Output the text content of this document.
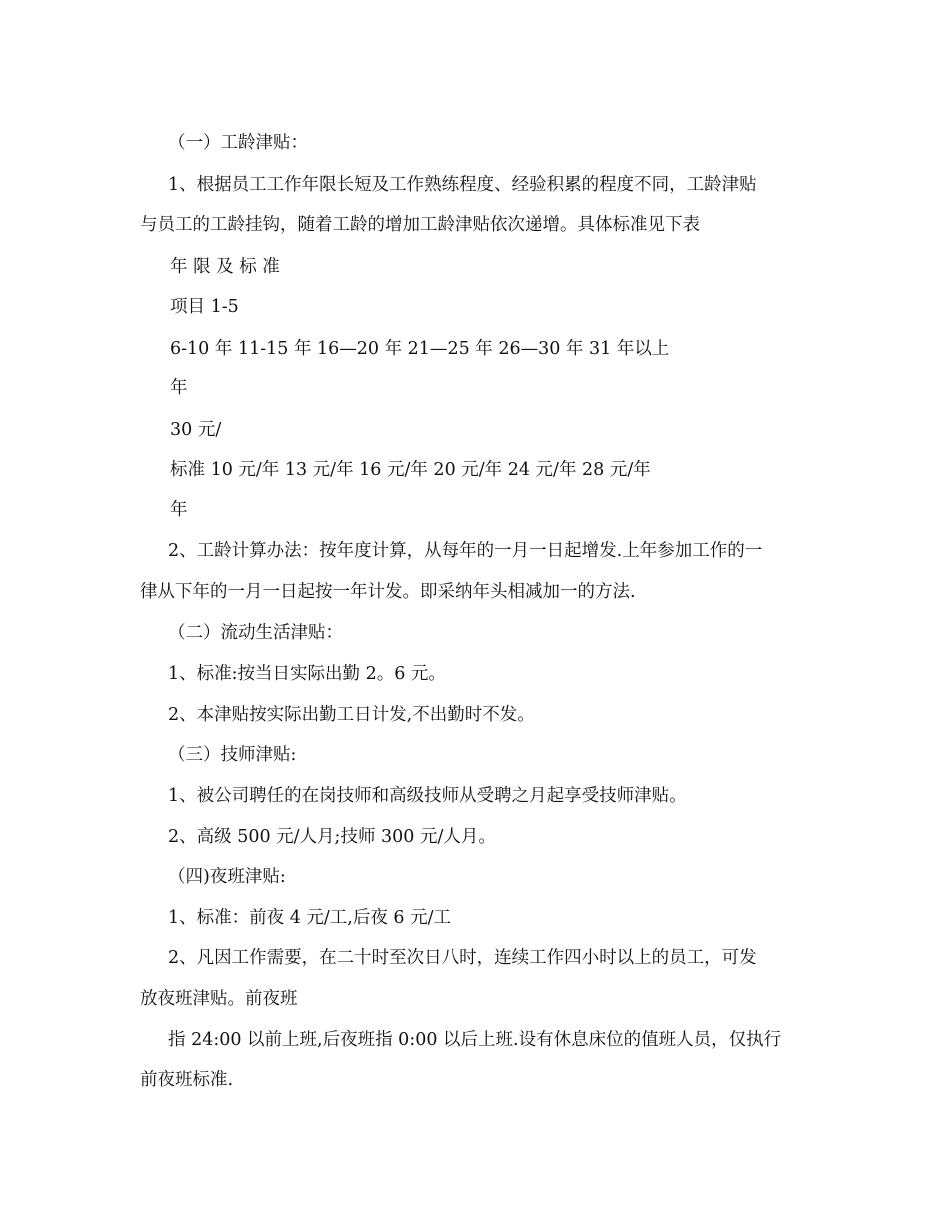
（一）工龄津贴：
1、根据员工工作年限长短及工作熟练程度、经验积累的程度不同，工龄津贴
与员工的工龄挂钩，随着工龄的增加工龄津贴依次递增。具体标准见下表
年 限 及 标 准
项目 1-5
6-10 年 11-15 年 16—20 年 21—25 年 26—30 年 31 年以上
年
30 元/
标准 10 元/年 13 元/年 16 元/年 20 元/年 24 元/年 28 元/年
年
2、工龄计算办法：按年度计算，从每年的一月一日起增发.上年参加工作的一
律从下年的一月一日起按一年计发。即采纳年头相减加一的方法.
（二）流动生活津贴：
1、标准:按当日实际出勤 2。6 元。
2、本津贴按实际出勤工日计发,不出勤时不发。
（三）技师津贴:
1、被公司聘任的在岗技师和高级技师从受聘之月起享受技师津贴。
2、高级 500 元/人月;技师 300 元/人月。
（四)夜班津贴:
1、标准：前夜 4 元/工,后夜 6 元/工
2、凡因工作需要，在二十时至次日八时，连续工作四小时以上的员工，可发
放夜班津贴。前夜班
指 24:00 以前上班,后夜班指 0:00 以后上班.设有休息床位的值班人员，仅执行
前夜班标准.
